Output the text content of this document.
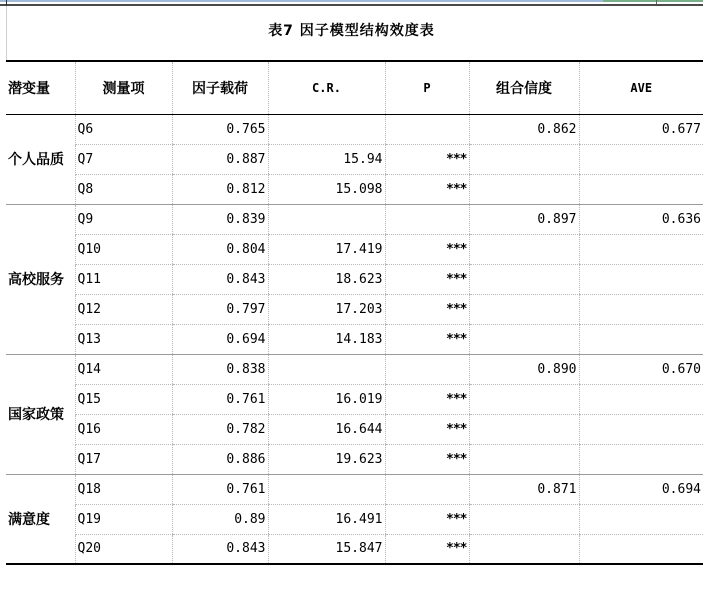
表7 因子模型结构效度表
潜变量	测量项	因子载荷	C.R.	P	组合信度	AVE
个人品质	Q6	0.765			0.862	0.677
	Q7	0.887	15.94	***		
	Q8	0.812	15.098	***		
高校服务	Q9	0.839			0.897	0.636
	Q10	0.804	17.419	***		
	Q11	0.843	18.623	***		
	Q12	0.797	17.203	***		
	Q13	0.694	14.183	***		
国家政策	Q14	0.838			0.890	0.670
	Q15	0.761	16.019	***		
	Q16	0.782	16.644	***		
	Q17	0.886	19.623	***		
满意度	Q18	0.761			0.871	0.694
	Q19	0.89	16.491	***		
	Q20	0.843	15.847	***		
